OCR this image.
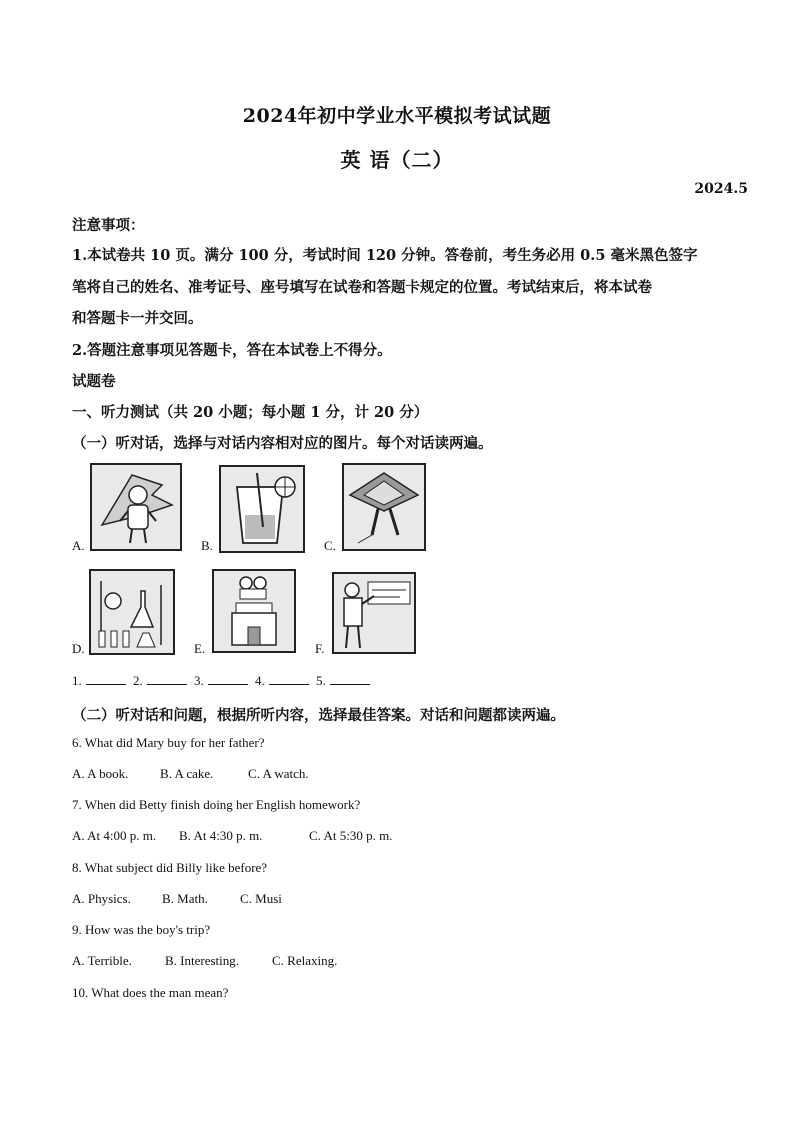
2024年初中学业水平模拟考试试题
英 语（二）
2024.5
注意事项：
1.本试卷共 10 页。满分 100 分，考试时间 120 分钟。答卷前，考生务必用 0.5 毫米黑色签字
笔将自己的姓名、准考证号、座号填写在试卷和答题卡规定的位置。考试结束后，将本试卷
和答题卡一并交回。
2.答题注意事项见答题卡，答在本试卷上不得分。
试题卷
一、听力测试（共 20 小题；每小题 1 分，计 20 分）
（一）听对话，选择与对话内容相对应的图片。每个对话读两遍。
A.	B.	C.
D.	E.	F.
1.	2.	3.	4.	5.
（二）听对话和问题，根据所听内容，选择最佳答案。对话和问题都读两遍。
6. What did Mary buy for her father?
A. A book. B. A cake.	C. A watch.
7. When did Betty finish doing her English homework?
A. At 4:00 p. m. B. At 4:30 p. m.	C. At 5:30 p. m.
8. What subject did Billy like before?
A. Physics. B. Math. C. Musi
9. How was the boy's trip?
A. Terrible.	B. Interesting.	C. Relaxing.
10. What does the man mean?
